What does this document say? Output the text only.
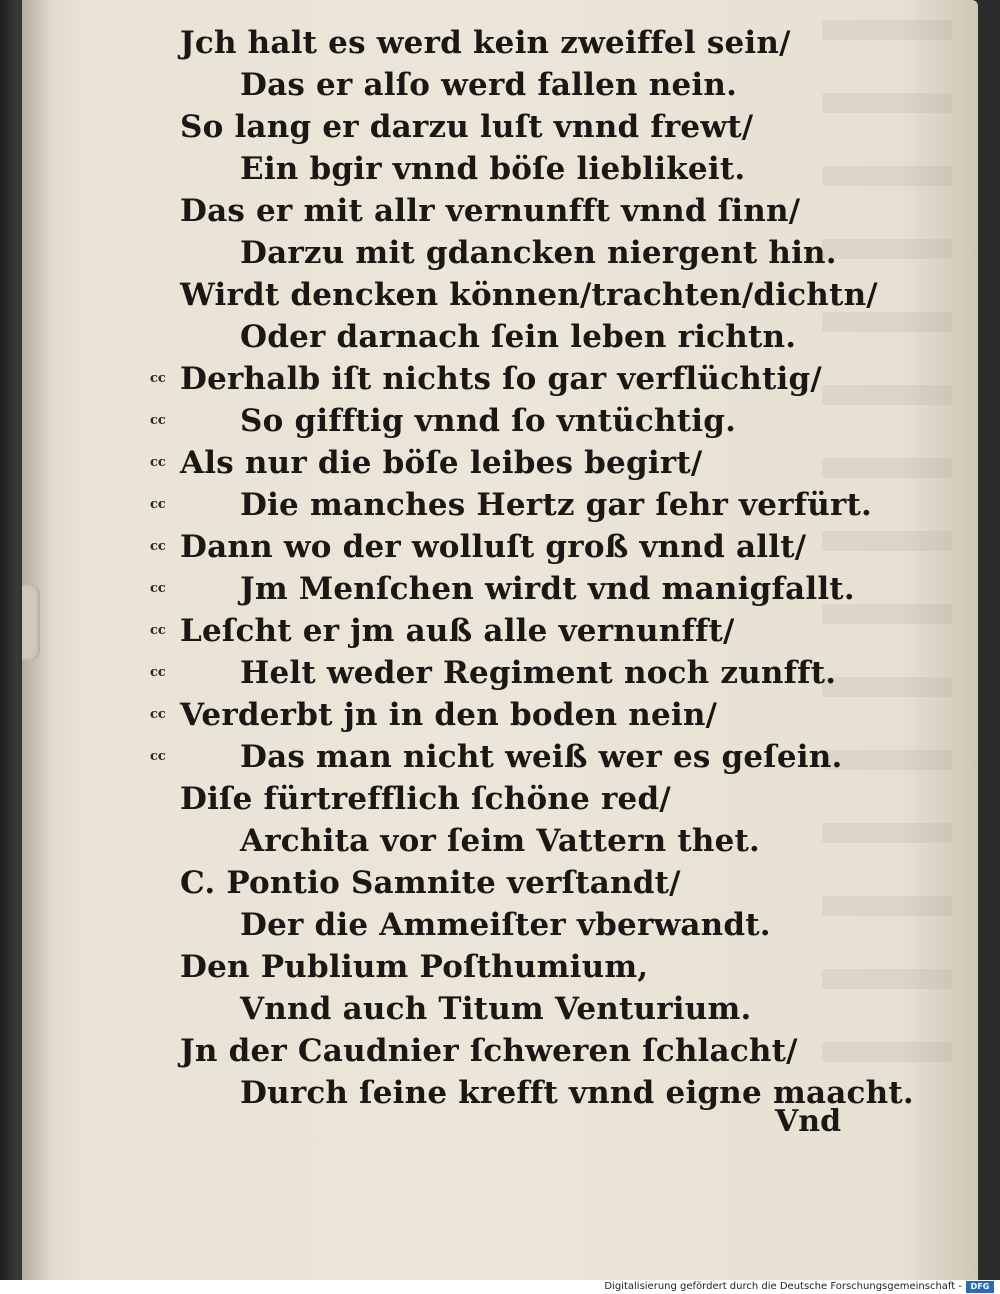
Jch halt es werd kein zweiffel sein/
Das er alſo werd fallen nein.
So lang er darzu luſt vnnd frewt/
Ein bgir vnnd böſe lieblikeit.
Das er mit allr vernunfft vnnd ſinn/
Darzu mit gdancken niergent hin.
Wirdt dencken können/trachten/dichtn/
Oder darnach ſein leben richtn.
cc Derhalb iſt nichts ſo gar verflüchtig/
cc	So gifftig vnnd ſo vntüchtig.
cc Als nur die böſe leibes begirt/
cc	Die manches Hertz gar ſehr verfürt.
cc Dann wo der wolluſt groß vnnd allt/
cc	Jm Menſchen wirdt vnd manigfallt.
cc Leſcht er jm auß alle vernunfft/
cc	Helt weder Regiment noch zunfft.
cc Verderbt jn in den boden nein/
cc	Das man nicht weiß wer es geſein.
Diſe fürtrefflich ſchöne red/
Archita vor ſeim Vattern thet.
C. Pontio Samnite verſtandt/
Der die Ammeiſter vberwandt.
Den Publium Poſthumium,
Vnnd auch Titum Venturium.
Jn der Caudnier ſchweren ſchlacht/
Durch ſeine krefft vnnd eigne maacht.
Vnd
Digitalisierung gefördert durch die Deutsche Forschungsgemeinschaft -	DFG
